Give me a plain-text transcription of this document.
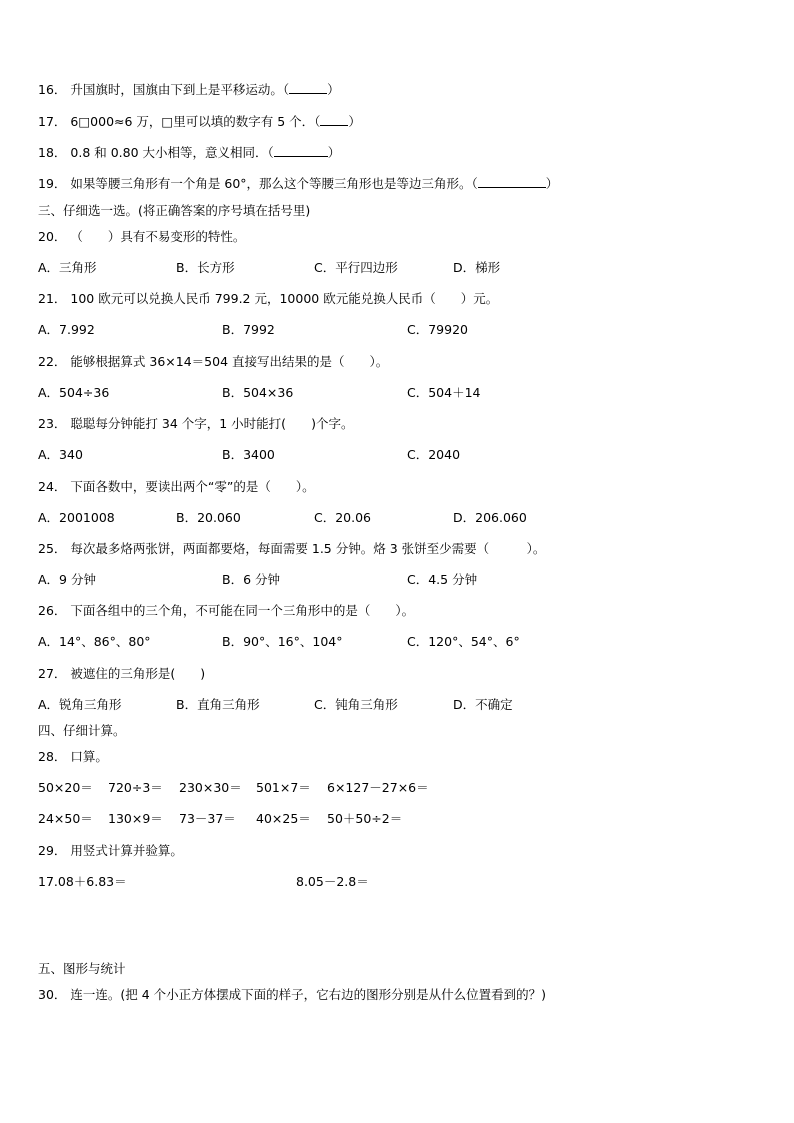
16． 升国旗时，国旗由下到上是平移运动。（	）
17． 6□000≈6 万，□里可以填的数字有 5 个．（ ）
18． 0.8 和 0.80 大小相等，意义相同．（	）
19． 如果等腰三角形有一个角是 60°，那么这个等腰三角形也是等边三角形。（	）
三、仔细选一选。(将正确答案的序号填在括号里)
20． （　　）具有不易变形的特性。
A．三角形	B．长方形	C．平行四边形	D．梯形
21． 100 欧元可以兑换人民币 799.2 元，10000 欧元能兑换人民币（　　）元。
A．7.992	B．7992	C．79920
22． 能够根据算式 36×14＝504 直接写出结果的是（　　）。
A．504÷36	B．504×36	C．504＋14
23． 聪聪每分钟能打 34 个字，1 小时能打(　　)个字。
A．340	B．3400	C．2040
24． 下面各数中，要读出两个“零”的是（　　）。
A．2001008	B．20.060	C．20.06	D．206.060
25． 每次最多烙两张饼，两面都要烙，每面需要 1.5 分钟。烙 3 张饼至少需要（　　　）。
A．9 分钟	B．6 分钟	C．4.5 分钟
26． 下面各组中的三个角，不可能在同一个三角形中的是（　　）。
A．14°、86°、80°	B．90°、16°、104°	C．120°、54°、6°
27． 被遮住的三角形是(　　)
A．锐角三角形	B．直角三角形	C．钝角三角形	D．不确定
四、仔细计算。
28． 口算。
50×20＝ 720÷3＝ 230×30＝ 501×7＝ 6×127－27×6＝
24×50＝ 130×9＝ 73－37＝ 40×25＝ 50＋50÷2＝
29． 用竖式计算并验算。
17.08＋6.83＝	8.05－2.8＝
五、图形与统计
30． 连一连。(把 4 个小正方体摆成下面的样子，它右边的图形分别是从什么位置看到的？)
